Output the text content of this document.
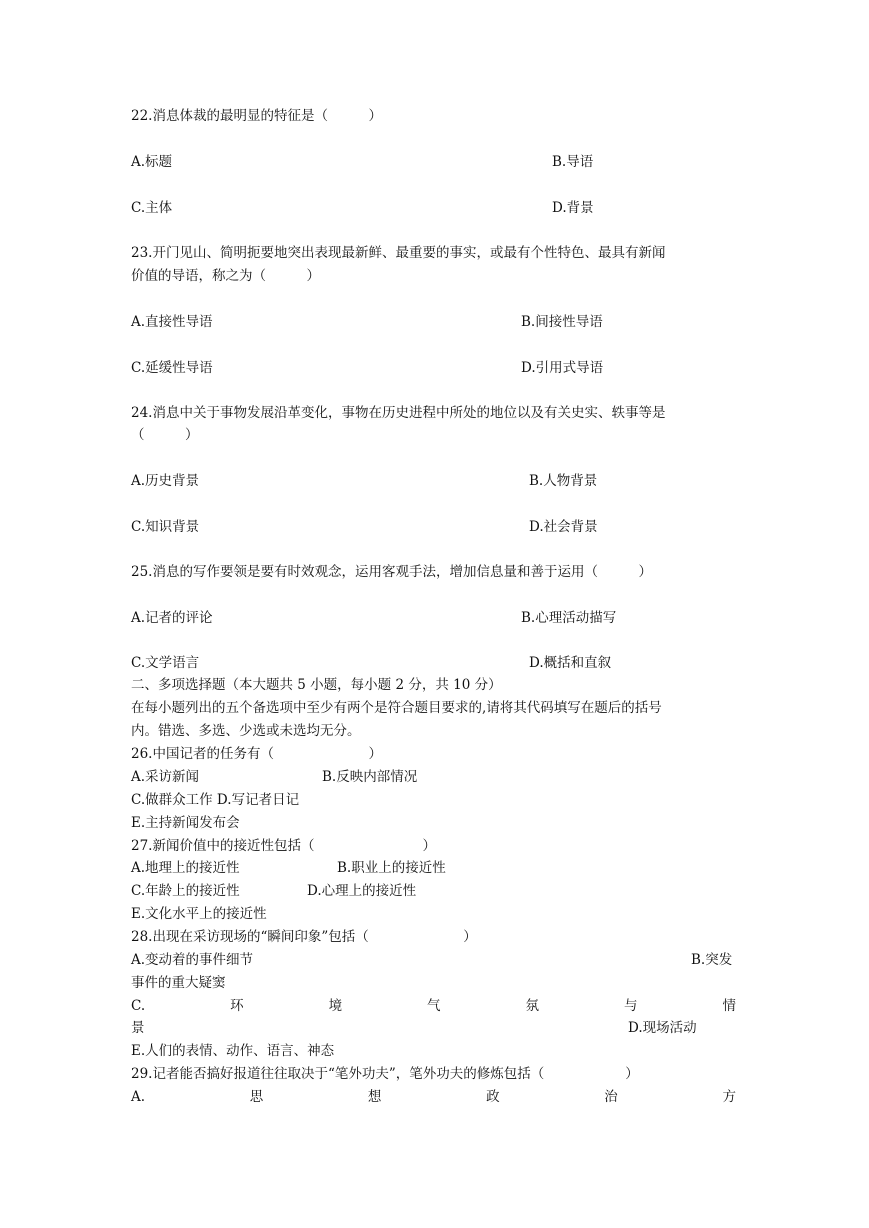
22.消息体裁的最明显的特征是（　　　）
A.标题	B.导语
C.主体	D.背景
23.开门见山、简明扼要地突出表现最新鲜、最重要的事实，或最有个性特色、最具有新闻
价值的导语，称之为（　　　）
A.直接性导语	B.间接性导语
C.延缓性导语	D.引用式导语
24.消息中关于事物发展沿革变化，事物在历史进程中所处的地位以及有关史实、轶事等是
（　　　）
A.历史背景	B.人物背景
C.知识背景	D.社会背景
25.消息的写作要领是要有时效观念，运用客观手法，增加信息量和善于运用（　　　）
A.记者的评论	B.心理活动描写
C.文学语言	D.概括和直叙
二、多项选择题（本大题共 5 小题，每小题 2 分，共 10 分）
在每小题列出的五个备选项中至少有两个是符合题目要求的,请将其代码填写在题后的括号
内。错选、多选、少选或未选均无分。
26.中国记者的任务有（　　　　　　　）
A.采访新闻	B.反映内部情况
C.做群众工作 D.写记者日记
E.主持新闻发布会
27.新闻价值中的接近性包括（　　　　　　　　）
A.地理上的接近性	B.职业上的接近性
C.年龄上的接近性	D.心理上的接近性
E.文化水平上的接近性
28.出现在采访现场的“瞬间印象”包括（　　　　　　　）
A.变动着的事件细节	B.突发
事件的重大疑窦
C.	环	境	气	氛	与	情
景	D.现场活动
E.人们的表情、动作、语言、神态
29.记者能否搞好报道往往取决于“笔外功夫”，笔外功夫的修炼包括（　　　　　　）
A.	思	想	政	治	方
